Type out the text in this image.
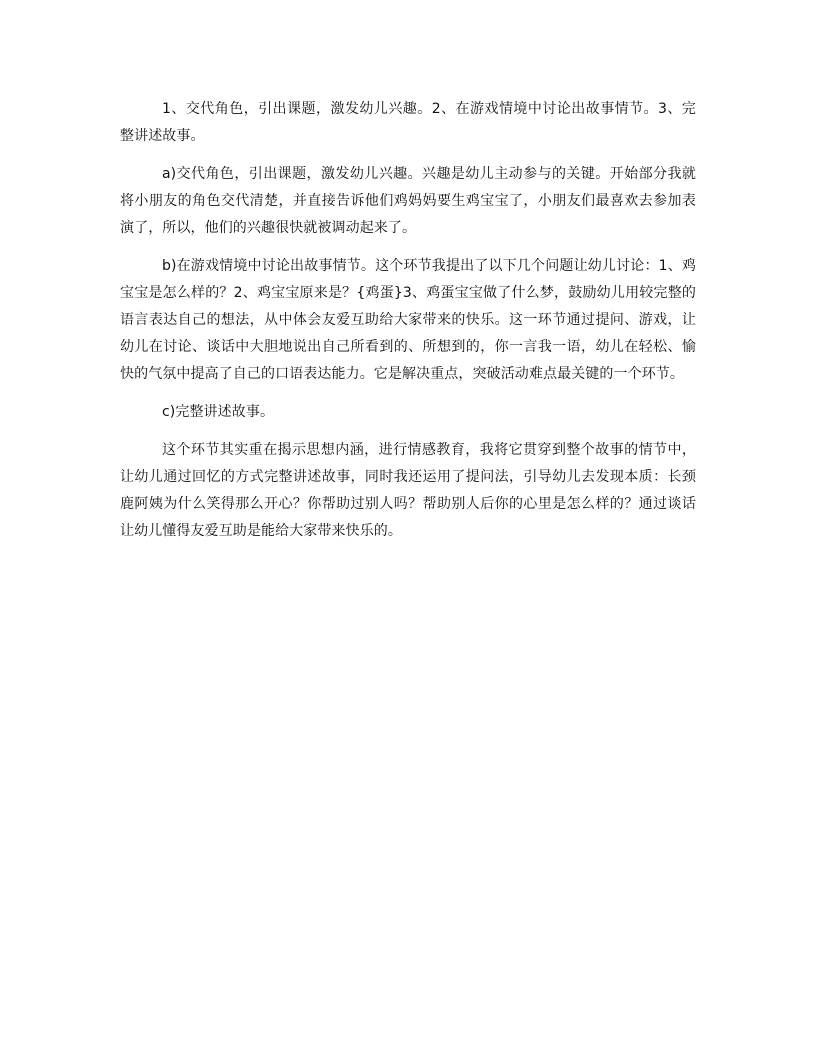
1、交代角色，引出课题，激发幼儿兴趣。2、在游戏情境中讨论出故事情节。3、完整讲述故事。

a)交代角色，引出课题，激发幼儿兴趣。兴趣是幼儿主动参与的关键。开始部分我就将小朋友的角色交代清楚，并直接告诉他们鸡妈妈要生鸡宝宝了，小朋友们最喜欢去参加表演了，所以，他们的兴趣很快就被调动起来了。

b)在游戏情境中讨论出故事情节。这个环节我提出了以下几个问题让幼儿讨论：1、鸡宝宝是怎么样的？2、鸡宝宝原来是？{鸡蛋}3、鸡蛋宝宝做了什么梦，鼓励幼儿用较完整的语言表达自己的想法，从中体会友爱互助给大家带来的快乐。这一环节通过提问、游戏，让幼儿在讨论、谈话中大胆地说出自己所看到的、所想到的，你一言我一语，幼儿在轻松、愉快的气氛中提高了自己的口语表达能力。它是解决重点，突破活动难点最关键的一个环节。

c)完整讲述故事。

这个环节其实重在揭示思想内涵，进行情感教育，我将它贯穿到整个故事的情节中，让幼儿通过回忆的方式完整讲述故事，同时我还运用了提问法，引导幼儿去发现本质：长颈鹿阿姨为什么笑得那么开心？你帮助过别人吗？帮助别人后你的心里是怎么样的？通过谈话让幼儿懂得友爱互助是能给大家带来快乐的。
